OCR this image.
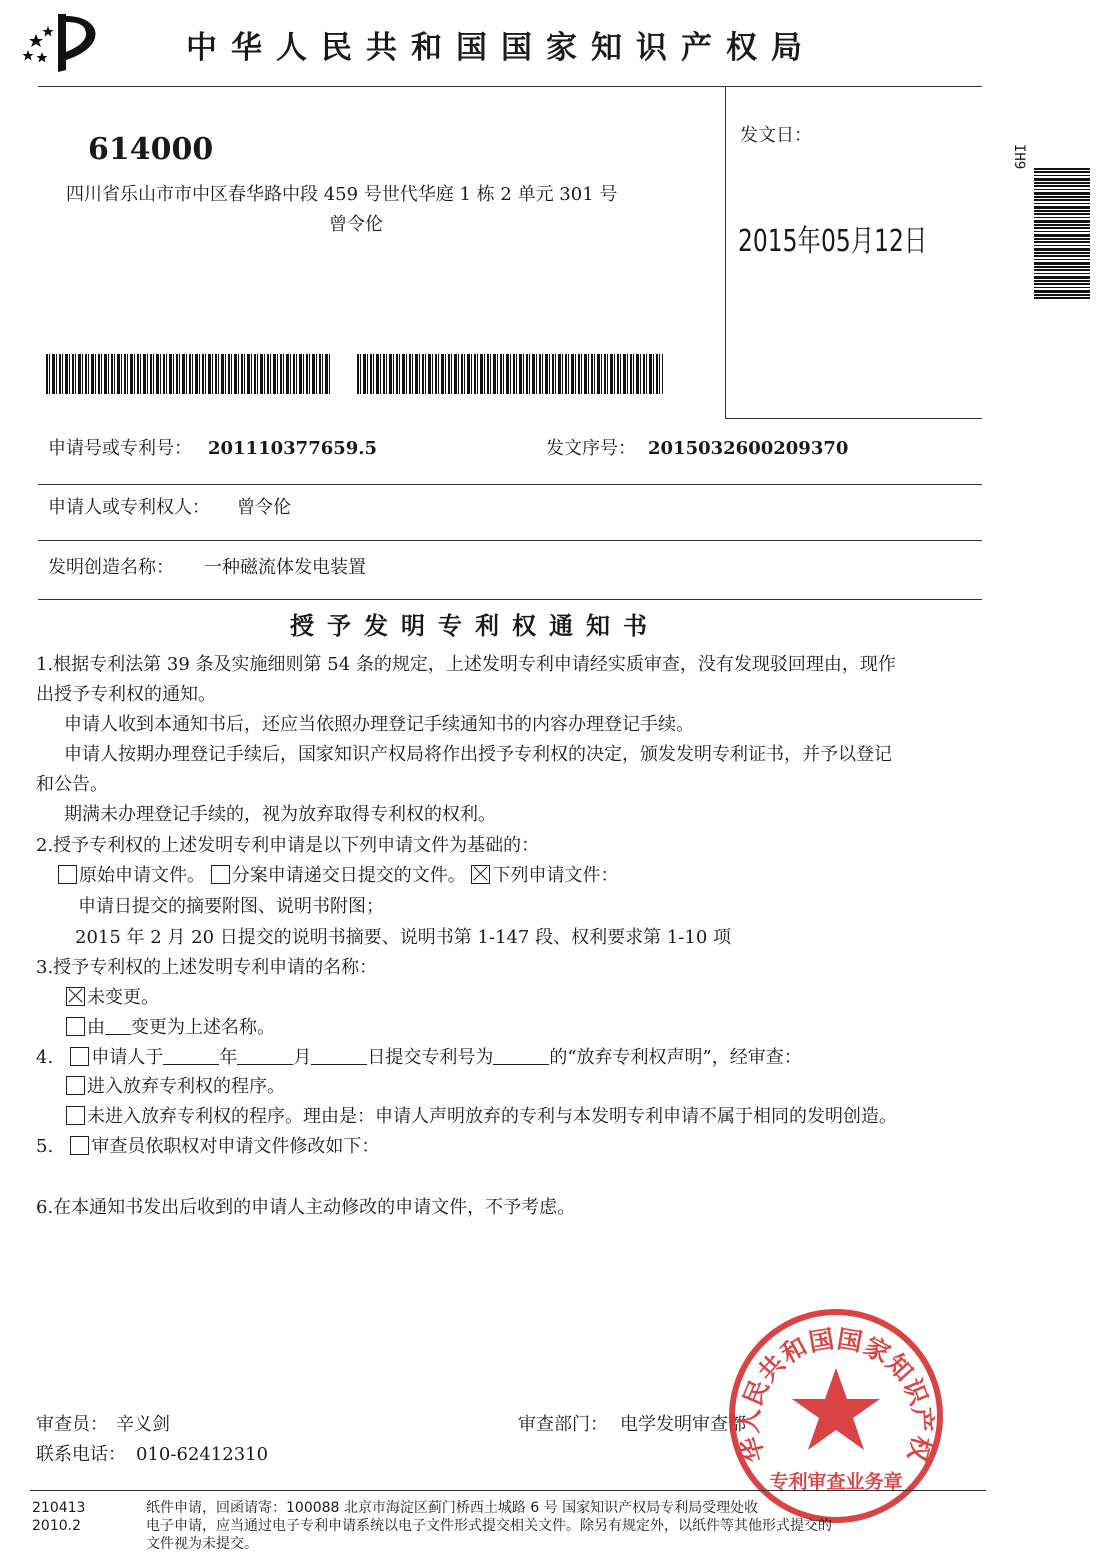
中华人民共和国国家知识产权局
614000
四川省乐山市市中区春华路中段 459 号世代华庭 1 栋 2 单元 301 号
曾令伦
发文日：
2015年05月12日
IH9
申请号或专利号： 201110377659.5	发文序号： 2015032600209370
申请人或专利权人： 曾令伦
发明创造名称： 一种磁流体发电装置
授予发明专利权通知书
1.根据专利法第 39 条及实施细则第 54 条的规定，上述发明专利申请经实质审查，没有发现驳回理由，现作
出授予专利权的通知。
申请人收到本通知书后，还应当依照办理登记手续通知书的内容办理登记手续。
申请人按期办理登记手续后，国家知识产权局将作出授予专利权的决定，颁发发明专利证书，并予以登记
和公告。
期满未办理登记手续的，视为放弃取得专利权的权利。
2.授予专利权的上述发明专利申请是以下列申请文件为基础的：
原始申请文件。 分案申请递交日提交的文件。 下列申请文件：
申请日提交的摘要附图、说明书附图；
2015 年 2 月 20 日提交的说明书摘要、说明书第 1-147 段、权利要求第 1-10 项
3.授予专利权的上述发明专利申请的名称：
未变更。
由 变更为上述名称。
4. 申请人于	年	月	日提交专利号为	的“放弃专利权声明”，经审查：
进入放弃专利权的程序。
未进入放弃专利权的程序。理由是：申请人声明放弃的专利与本发明专利申请不属于相同的发明创造。
5. 审查员依职权对申请文件修改如下：
6.在本通知书发出后收到的申请人主动修改的申请文件，不予考虑。
审查员： 辛义剑
联系电话： 010-62412310
审查部门： 电学发明审查部
华人民共和国国家知识产权
专利审查业务章
210413
2010.2
纸件申请，回函请寄：100088 北京市海淀区蓟门桥西土城路 6 号 国家知识产权局专利局受理处收
电子申请，应当通过电子专利申请系统以电子文件形式提交相关文件。除另有规定外，以纸件等其他形式提交的
文件视为未提交。
